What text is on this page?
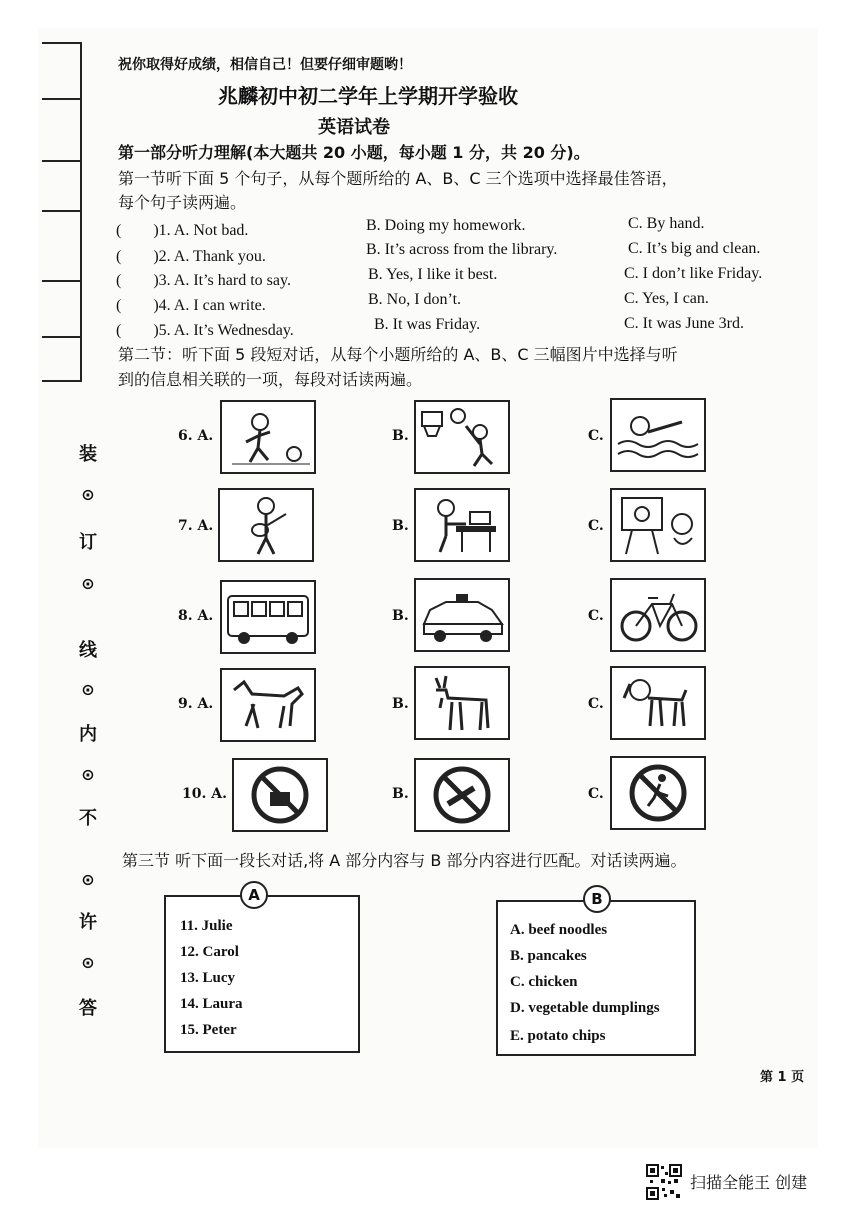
装
⊙
订
⊙
线
⊙
内
⊙
不
⊙
许
⊙
答
祝你取得好成绩，相信自己！但要仔细审题哟！
兆麟初中初二学年上学期开学验收
英语试卷
第一部分听力理解(本大题共 20 小题，每小题 1 分，共 20 分)。
第一节听下面 5 个句子，从每个题所给的 A、B、C 三个选项中选择最佳答语，
每个句子读两遍。
(　　)1. A. Not bad.	B. Doing my homework.	C. By hand.
(　　)2. A. Thank you.	B. It’s across from the library.	C. It’s big and clean.
(　　)3. A. It’s hard to say.	B. Yes, I like it best.	C. I don’t like Friday.
(　　)4. A. I can write.	B. No, I don’t.	C. Yes, I can.
(　　)5. A. It’s Wednesday.	B. It was Friday.	C. It was June 3rd.
第二节：听下面 5 段短对话，从每个小题所给的 A、B、C 三幅图片中选择与听
到的信息相关联的一项，每段对话读两遍。
6. A.	B.	C.
7. A.	B.	C.
8. A.	B.	C.
9. A.	B.	C.
10. A.	B.	C.
第三节 听下面一段长对话,将 A 部分内容与 B 部分内容进行匹配。对话读两遍。
A
11. Julie
12. Carol
13. Lucy
14. Laura
15. Peter
B
A. beef noodles
B. pancakes
C. chicken
D. vegetable dumplings
E. potato chips
第 1 页
扫描全能王 创建
